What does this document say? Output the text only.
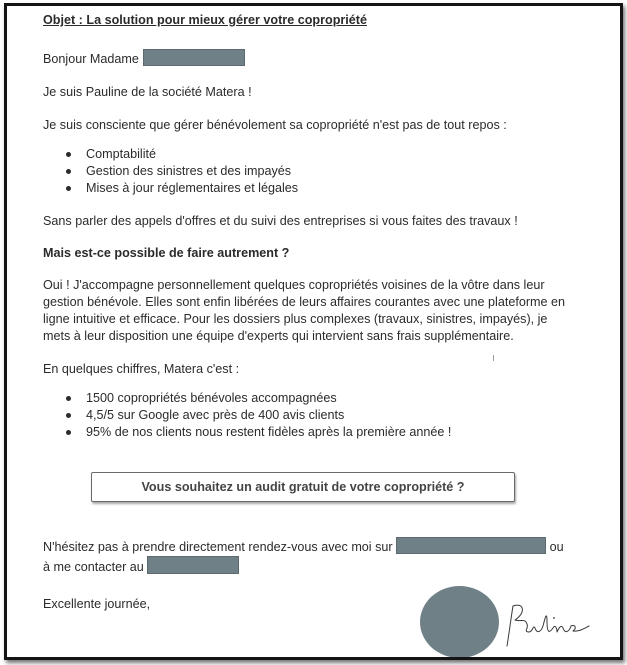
Objet : La solution pour mieux gérer votre copropriété

Bonjour Madame
Je suis Pauline de la société Matera !
Je suis consciente que gérer bénévolement sa copropriété n'est pas de tout repos :
Comptabilité
Gestion des sinistres et des impayés
Mises à jour réglementaires et légales
Sans parler des appels d'offres et du suivi des entreprises si vous faites des travaux !
Mais est-ce possible de faire autrement ?
Oui ! J'accompagne personnellement quelques copropriétés voisines de la vôtre dans leur gestion bénévole. Elles sont enfin libérées de leurs affaires courantes avec une plateforme en ligne intuitive et efficace. Pour les dossiers plus complexes (travaux, sinistres, impayés), je mets à leur disposition une équipe d'experts qui intervient sans frais supplémentaire.
En quelques chiffres, Matera c'est :
1500 copropriétés bénévoles accompagnées
4,5/5 sur Google avec près de 400 avis clients
95% de nos clients nous restent fidèles après la première année !
Vous souhaitez un audit gratuit de votre copropriété ?
N'hésitez pas à prendre directement rendez-vous avec moi sur	ou
à me contacter au
Excellente journée,
